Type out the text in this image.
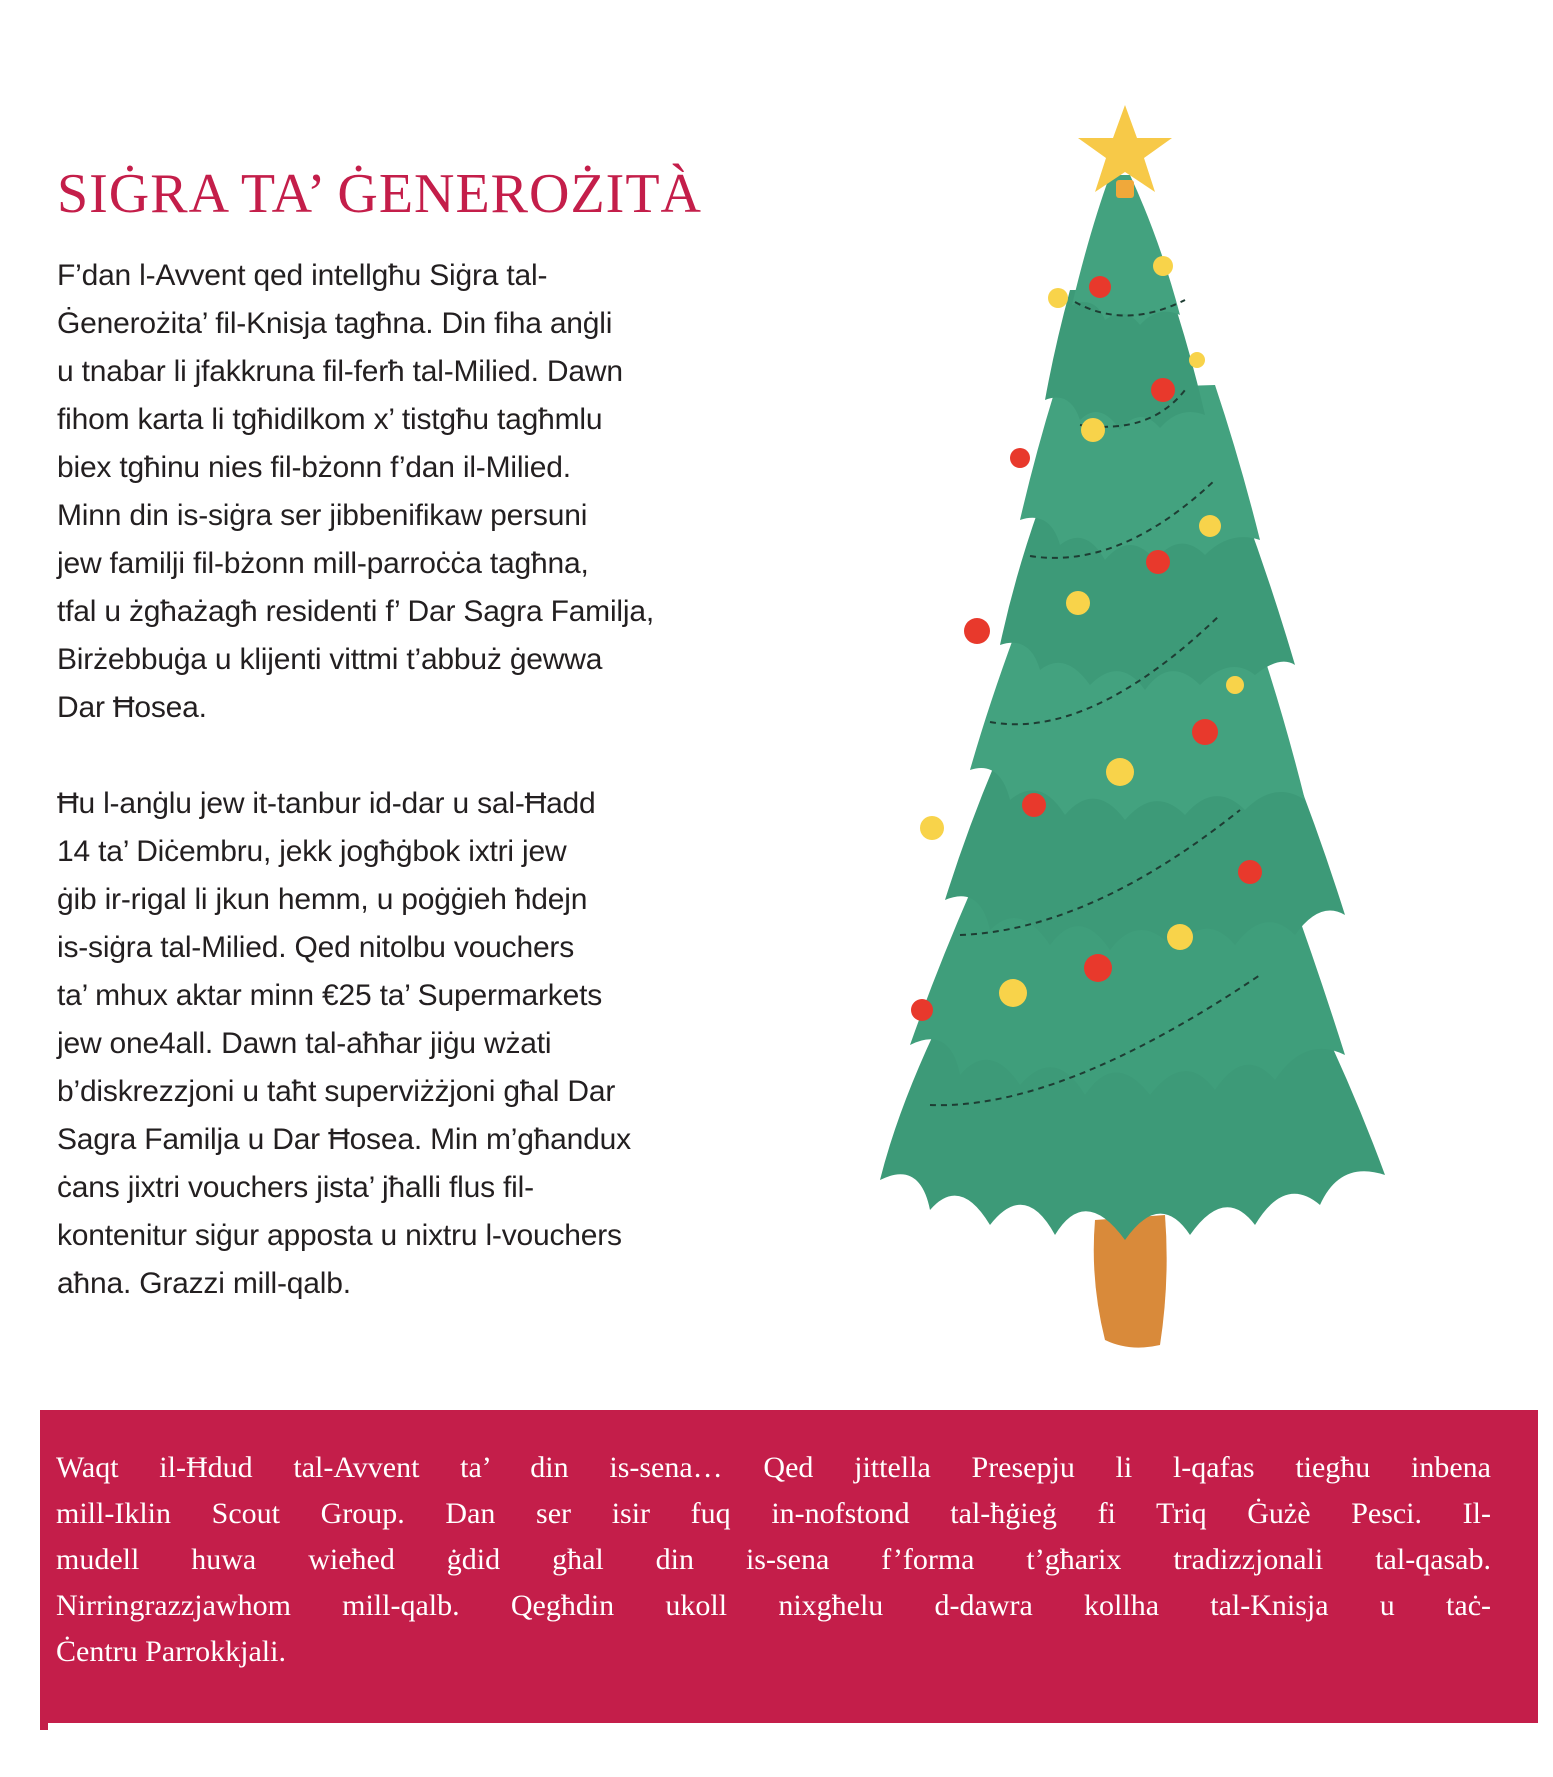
SIĠRA TA’ ĠENEROŻITÀ
F’dan l-Avvent qed intellgħu Siġra tal-
Ġenerożita’ fil-Knisja tagħna. Din fiha anġli
u tnabar li jfakkruna fil-ferħ tal-Milied. Dawn
fihom karta li tgħidilkom x’ tistgħu tagħmlu
biex tgħinu nies fil-bżonn f’dan il-Milied.
Minn din is-siġra ser jibbenifikaw persuni
jew familji fil-bżonn mill-parroċċa tagħna,
tfal u żgħażagħ residenti f’ Dar Sagra Familja,
Birżebbuġa u klijenti vittmi t’abbuż ġewwa
Dar Ħosea.
Ħu l-anġlu jew it-tanbur id-dar u sal-Ħadd
14 ta’ Diċembru, jekk jogħġbok ixtri jew
ġib ir-rigal li jkun hemm, u poġġieh ħdejn
is-siġra tal-Milied. Qed nitolbu vouchers
ta’ mhux aktar minn €25 ta’ Supermarkets
jew one4all. Dawn tal-aħħar jiġu wżati
b’diskrezzjoni u taħt superviżżjoni għal Dar
Sagra Familja u Dar Ħosea. Min m’għandux
ċans jixtri vouchers jista’ jħalli flus fil-
kontenitur siġur apposta u nixtru l-vouchers
aħna. Grazzi mill-qalb.
Waqt il-Ħdud tal-Avvent ta’ din is-sena… Qed jittella Presepju li l-qafas tiegħu inbena
mill-Iklin Scout Group. Dan ser isir fuq in-nofstond tal-ħġieġ fi Triq Ġużè Pesci. Il-
mudell huwa wieħed ġdid għal din is-sena f’forma t’għarix tradizzjonali tal-qasab.
Nirringrazzjawhom mill-qalb. Qegħdin ukoll nixgħelu d-dawra kollha tal-Knisja u taċ-
Ċentru Parrokkjali.
